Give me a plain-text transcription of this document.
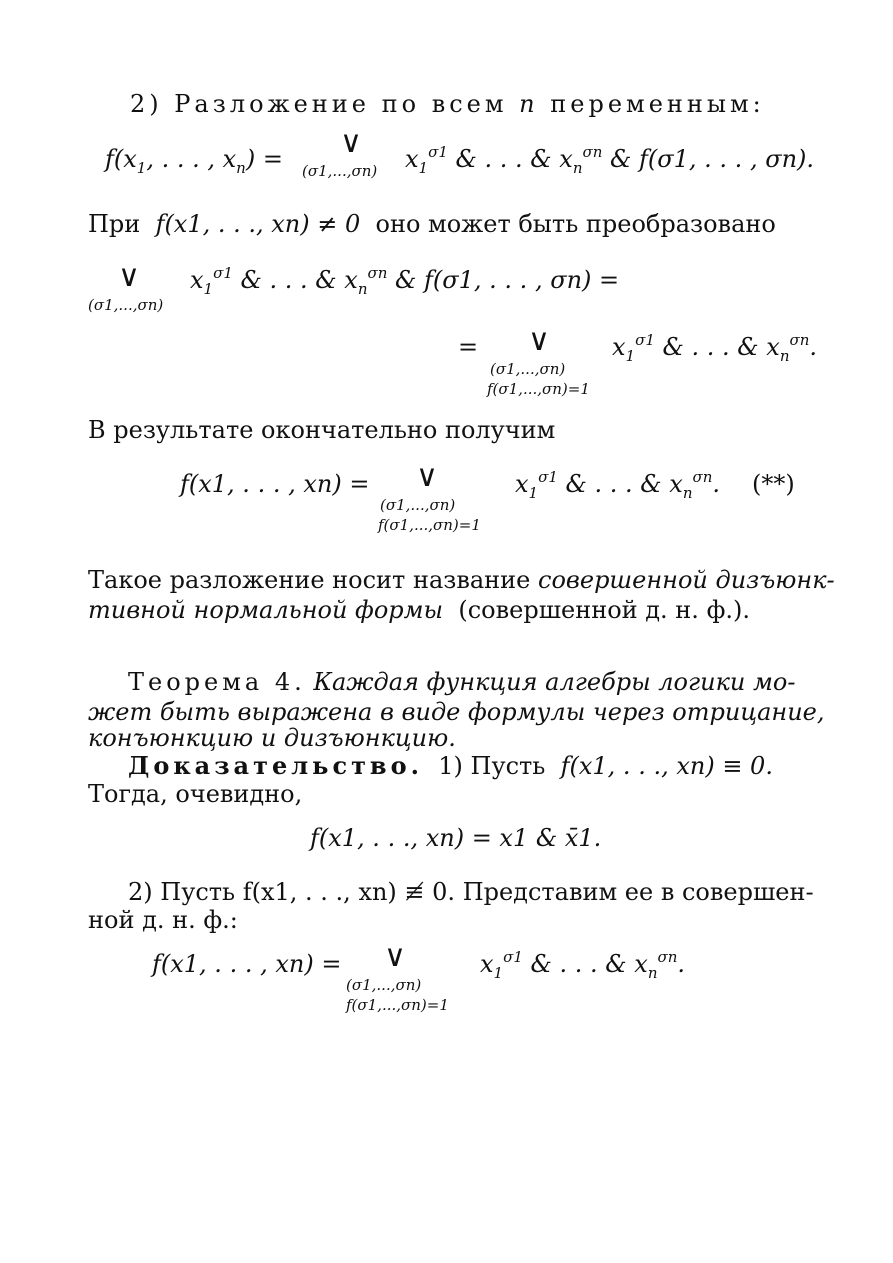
2) Разложение по всем n переменным:
$f(x_1$, . . . , $x_n$) = ∨
(σ1,...,σn) $x_1^{\sigma 1}$ & . . . & $x_n^{\sigma n}$ & f(σ1, . . . , σn).
При f(x1, . . ., xn) ≠ 0 оно может быть преобразовано
∨
(σ1,...,σn)
$x_1^{\sigma 1}$ & . . . & $x_n^{\sigma n}$ & f(σ1, . . . , σn) =
= ∨
(σ1,...,σn)
f(σ1,...,σn)=1
$x_1^{\sigma 1}$ & . . . & $x_n^{\sigma n}$.
В результате окончательно получим
f(x1, . . . , xn) = ∨
(σ1,...,σn)
f(σ1,...,σn)=1
$x_1^{\sigma 1}$ & . . . & $x_n^{\sigma n}$. (**)
Такое разложение носит название совершенной дизъюнк-
тивной нормальной формы (совершенной д. н. ф.).
Теорема 4. Каждая функция алгебры логики мо-
жет быть выражена в виде формулы через отрицание,
конъюнкцию и дизъюнкцию.
Доказательство. 1) Пусть f(x1, . . ., xn) ≡ 0.
Тогда, очевидно,
f(x1, . . ., xn) = x1 & x̄1.
2) Пусть f(x1, . . ., xn) ≢ 0. Представим ее в совершен-
ной д. н. ф.:
f(x1, . . . , xn) = ∨
(σ1,...,σn)
f(σ1,...,σn)=1
$x_1^{\sigma 1}$ & . . . & $x_n^{\sigma n}$.
